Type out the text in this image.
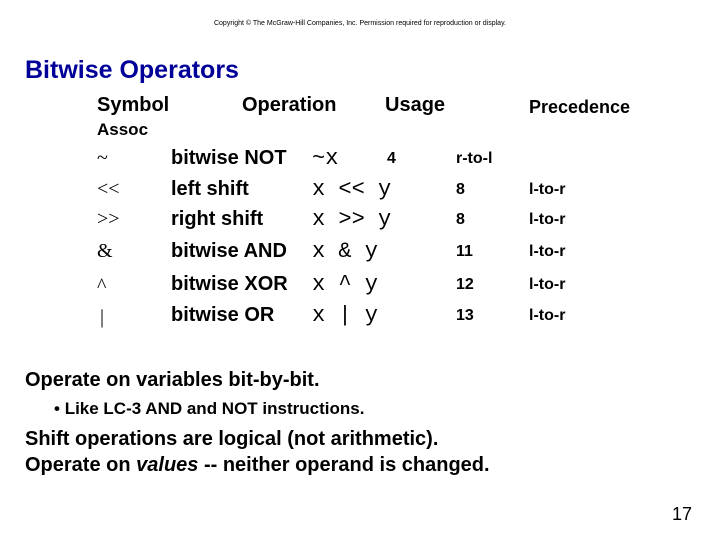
Copyright © The McGraw-Hill Companies, Inc. Permission required for reproduction or display.
Bitwise Operators
Symbol	Operation Usage	Precedence
Assoc
~	bitwise NOT ~x	4	r-to-l
<<	left shift	x << y	8	l-to-r
>>	right shift x >> y	8	l-to-r
&	bitwise AND x & y	11	l-to-r
^	bitwise XOR x ^ y	12	l-to-r
|	bitwise OR x | y	13	l-to-r
Operate on variables bit-by-bit.
• Like LC-3 AND and NOT instructions.
Shift operations are logical (not arithmetic).
Operate on values -- neither operand is changed.
17
